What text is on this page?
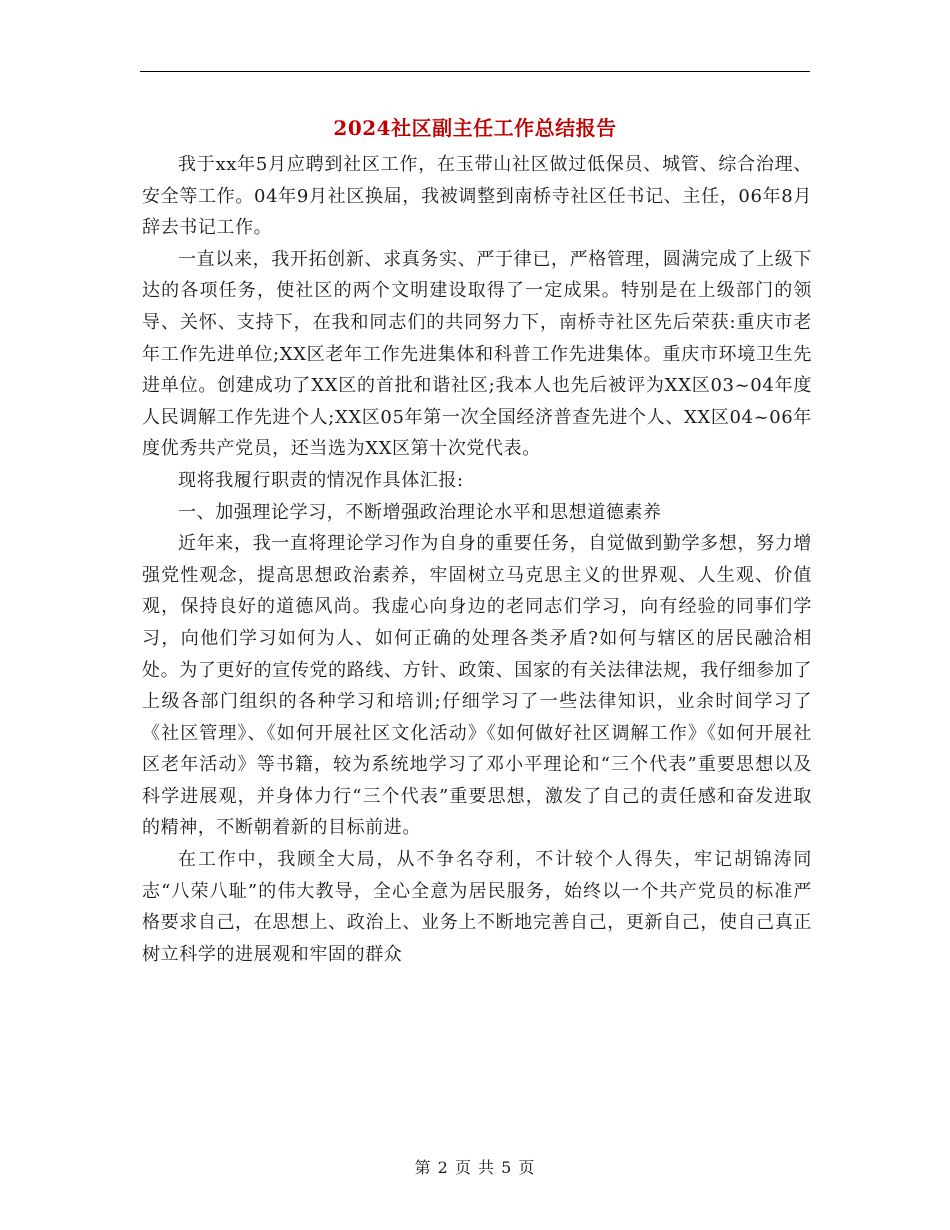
2024社区副主任工作总结报告

我于xx年5月应聘到社区工作，在玉带山社区做过低保员、城管、综合治理、安全等工作。04年9月社区换届，我被调整到南桥寺社区任书记、主任，06年8月辞去书记工作。

一直以来，我开拓创新、求真务实、严于律已，严格管理，圆满完成了上级下达的各项任务，使社区的两个文明建设取得了一定成果。特别是在上级部门的领导、关怀、支持下，在我和同志们的共同努力下，南桥寺社区先后荣获:重庆市老年工作先进单位;XX区老年工作先进集体和科普工作先进集体。重庆市环境卫生先进单位。创建成功了XX区的首批和谐社区;我本人也先后被评为XX区03~04年度人民调解工作先进个人;XX区05年第一次全国经济普查先进个人、XX区04~06年度优秀共产党员，还当选为XX区第十次党代表。

现将我履行职责的情况作具体汇报:

一、加强理论学习，不断增强政治理论水平和思想道德素养

近年来，我一直将理论学习作为自身的重要任务，自觉做到勤学多想，努力增强党性观念，提高思想政治素养，牢固树立马克思主义的世界观、人生观、价值观，保持良好的道德风尚。我虚心向身边的老同志们学习，向有经验的同事们学习，向他们学习如何为人、如何正确的处理各类矛盾?如何与辖区的居民融洽相处。为了更好的宣传党的路线、方针、政策、国家的有关法律法规，我仔细参加了上级各部门组织的各种学习和培训;仔细学习了一些法律知识，业余时间学习了《社区管理》、《如何开展社区文化活动》《如何做好社区调解工作》《如何开展社区老年活动》等书籍，较为系统地学习了邓小平理论和“三个代表”重要思想以及科学进展观，并身体力行“三个代表”重要思想，激发了自己的责任感和奋发进取的精神，不断朝着新的目标前进。

在工作中，我顾全大局，从不争名夺利，不计较个人得失，牢记胡锦涛同志“八荣八耻”的伟大教导，全心全意为居民服务，始终以一个共产党员的标准严格要求自己，在思想上、政治上、业务上不断地完善自己，更新自己，使自己真正树立科学的进展观和牢固的群众

第 2 页 共 5 页
